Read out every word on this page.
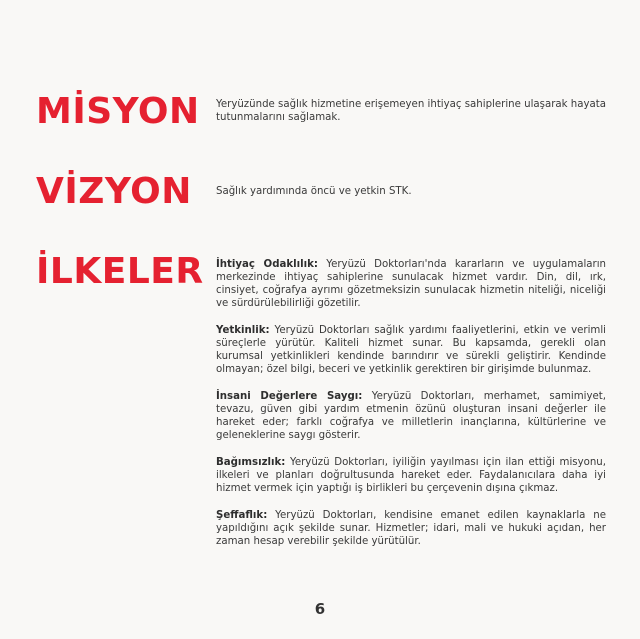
MİSYON Yeryüzünde sağlık hizmetine erişemeyen ihtiyaç sahiplerine ulaşarak hayata tutunmalarını sağlamak.

VİZYON Sağlık yardımında öncü ve yetkin STK.

İLKELER İhtiyaç Odaklılık: Yeryüzü Doktorları'nda kararların ve uygulamaların merkezinde ihtiyaç sahiplerine sunulacak hizmet vardır. Din, dil, ırk, cinsiyet, coğrafya ayrımı gözetmeksizin sunulacak hizmetin niteliği, niceliği ve sürdürülebilirliği gözetilir.

Yetkinlik: Yeryüzü Doktorları sağlık yardımı faaliyetlerini, etkin ve verimli süreçlerle yürütür. Kaliteli hizmet sunar. Bu kapsamda, gerekli olan kurumsal yetkinlikleri kendinde barındırır ve sürekli geliştirir. Kendinde olmayan; özel bilgi, beceri ve yetkinlik gerektiren bir girişimde bulunmaz.

İnsani Değerlere Saygı: Yeryüzü Doktorları, merhamet, samimiyet, tevazu, güven gibi yardım etmenin özünü oluşturan insani değerler ile hareket eder; farklı coğrafya ve milletlerin inançlarına, kültürlerine ve geleneklerine saygı gösterir.

Bağımsızlık: Yeryüzü Doktorları, iyiliğin yayılması için ilan ettiği misyonu, ilkeleri ve planları doğrultusunda hareket eder. Faydalanıcılara daha iyi hizmet vermek için yaptığı iş birlikleri bu çerçevenin dışına çıkmaz.

Şeffaflık: Yeryüzü Doktorları, kendisine emanet edilen kaynaklarla ne yapıldığını açık şekilde sunar. Hizmetler; idari, mali ve hukuki açıdan, her zaman hesap verebilir şekilde yürütülür.

6
